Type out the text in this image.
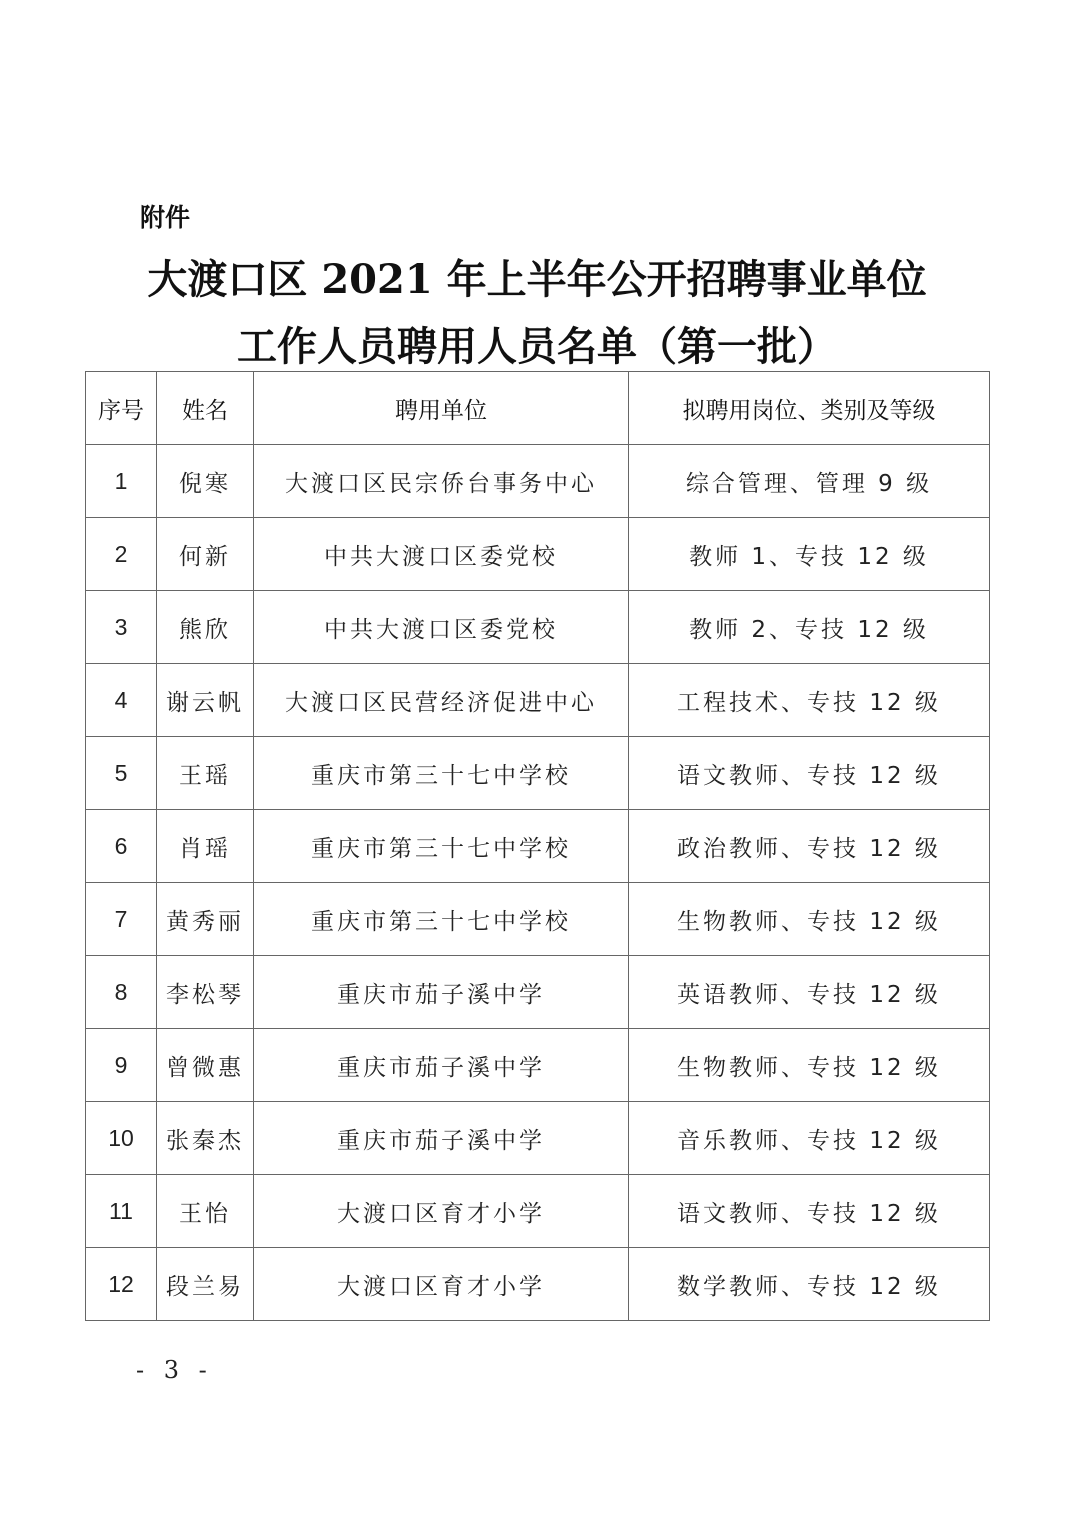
附件
大渡口区 2021 年上半年公开招聘事业单位
工作人员聘用人员名单（第一批）
序号	姓名	聘用单位	拟聘用岗位、类别及等级
1	倪寒	大渡口区民宗侨台事务中心	综合管理、管理 9 级
2	何新	中共大渡口区委党校	教师 1、专技 12 级
3	熊欣	中共大渡口区委党校	教师 2、专技 12 级
4	谢云帆	大渡口区民营经济促进中心	工程技术、专技 12 级
5	王瑶	重庆市第三十七中学校	语文教师、专技 12 级
6	肖瑶	重庆市第三十七中学校	政治教师、专技 12 级
7	黄秀丽	重庆市第三十七中学校	生物教师、专技 12 级
8	李松琴	重庆市茄子溪中学	英语教师、专技 12 级
9	曾微惠	重庆市茄子溪中学	生物教师、专技 12 级
10	张秦杰	重庆市茄子溪中学	音乐教师、专技 12 级
11	王怡	大渡口区育才小学	语文教师、专技 12 级
12	段兰易	大渡口区育才小学	数学教师、专技 12 级
- 3 -
